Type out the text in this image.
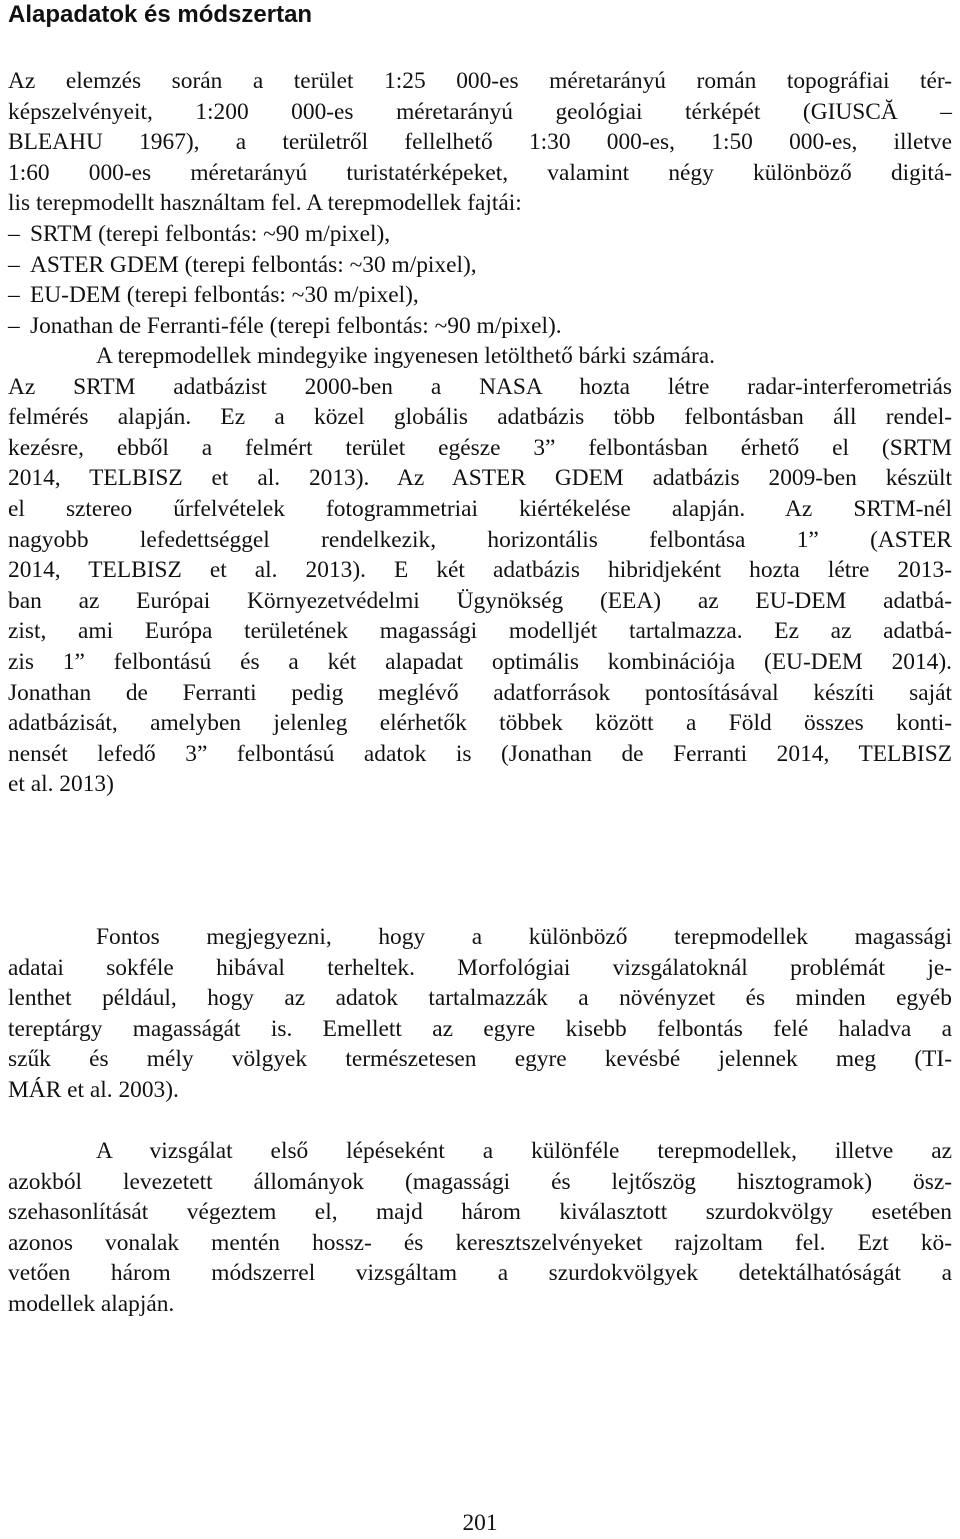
Alapadatok és módszertan
Az elemzés során a terület 1:25 000-es méretarányú román topográfiai tér-
képszelvényeit, 1:200 000-es méretarányú geológiai térképét (GIUSCĂ –
BLEAHU 1967), a területről fellelhető 1:30 000-es, 1:50 000-es, illetve
1:60 000-es méretarányú turistatérképeket, valamint négy különböző digitá-
lis terepmodellt használtam fel. A terepmodellek fajtái:
– SRTM (terepi felbontás: ~90 m/pixel),
– ASTER GDEM (terepi felbontás: ~30 m/pixel),
– EU-DEM (terepi felbontás: ~30 m/pixel),
– Jonathan de Ferranti-féle (terepi felbontás: ~90 m/pixel).
A terepmodellek mindegyike ingyenesen letölthető bárki számára.
Az SRTM adatbázist 2000-ben a NASA hozta létre radar-interferometriás
felmérés alapján. Ez a közel globális adatbázis több felbontásban áll rendel-
kezésre, ebből a felmért terület egésze 3” felbontásban érhető el (SRTM
2014, TELBISZ et al. 2013). Az ASTER GDEM adatbázis 2009-ben készült
el sztereo űrfelvételek fotogrammetriai kiértékelése alapján. Az SRTM-nél
nagyobb lefedettséggel rendelkezik, horizontális felbontása 1” (ASTER
2014, TELBISZ et al. 2013). E két adatbázis hibridjeként hozta létre 2013-
ban az Európai Környezetvédelmi Ügynökség (EEA) az EU-DEM adatbá-
zist, ami Európa területének magassági modelljét tartalmazza. Ez az adatbá-
zis 1” felbontású és a két alapadat optimális kombinációja (EU-DEM 2014).
Jonathan de Ferranti pedig meglévő adatforrások pontosításával készíti saját
adatbázisát, amelyben jelenleg elérhetők többek között a Föld összes konti-
nensét lefedő 3” felbontású adatok is (Jonathan de Ferranti 2014, TELBISZ
et al. 2013)
Fontos megjegyezni, hogy a különböző terepmodellek magassági
adatai sokféle hibával terheltek. Morfológiai vizsgálatoknál problémát je-
lenthet például, hogy az adatok tartalmazzák a növényzet és minden egyéb
tereptárgy magasságát is. Emellett az egyre kisebb felbontás felé haladva a
szűk és mély völgyek természetesen egyre kevésbé jelennek meg (TI-
MÁR et al. 2003).
A vizsgálat első lépéseként a különféle terepmodellek, illetve az
azokból levezetett állományok (magassági és lejtőszög hisztogramok) ösz-
szehasonlítását végeztem el, majd három kiválasztott szurdokvölgy esetében
azonos vonalak mentén hossz- és keresztszelvényeket rajzoltam fel. Ezt kö-
vetően három módszerrel vizsgáltam a szurdokvölgyek detektálhatóságát a
modellek alapján.
201
